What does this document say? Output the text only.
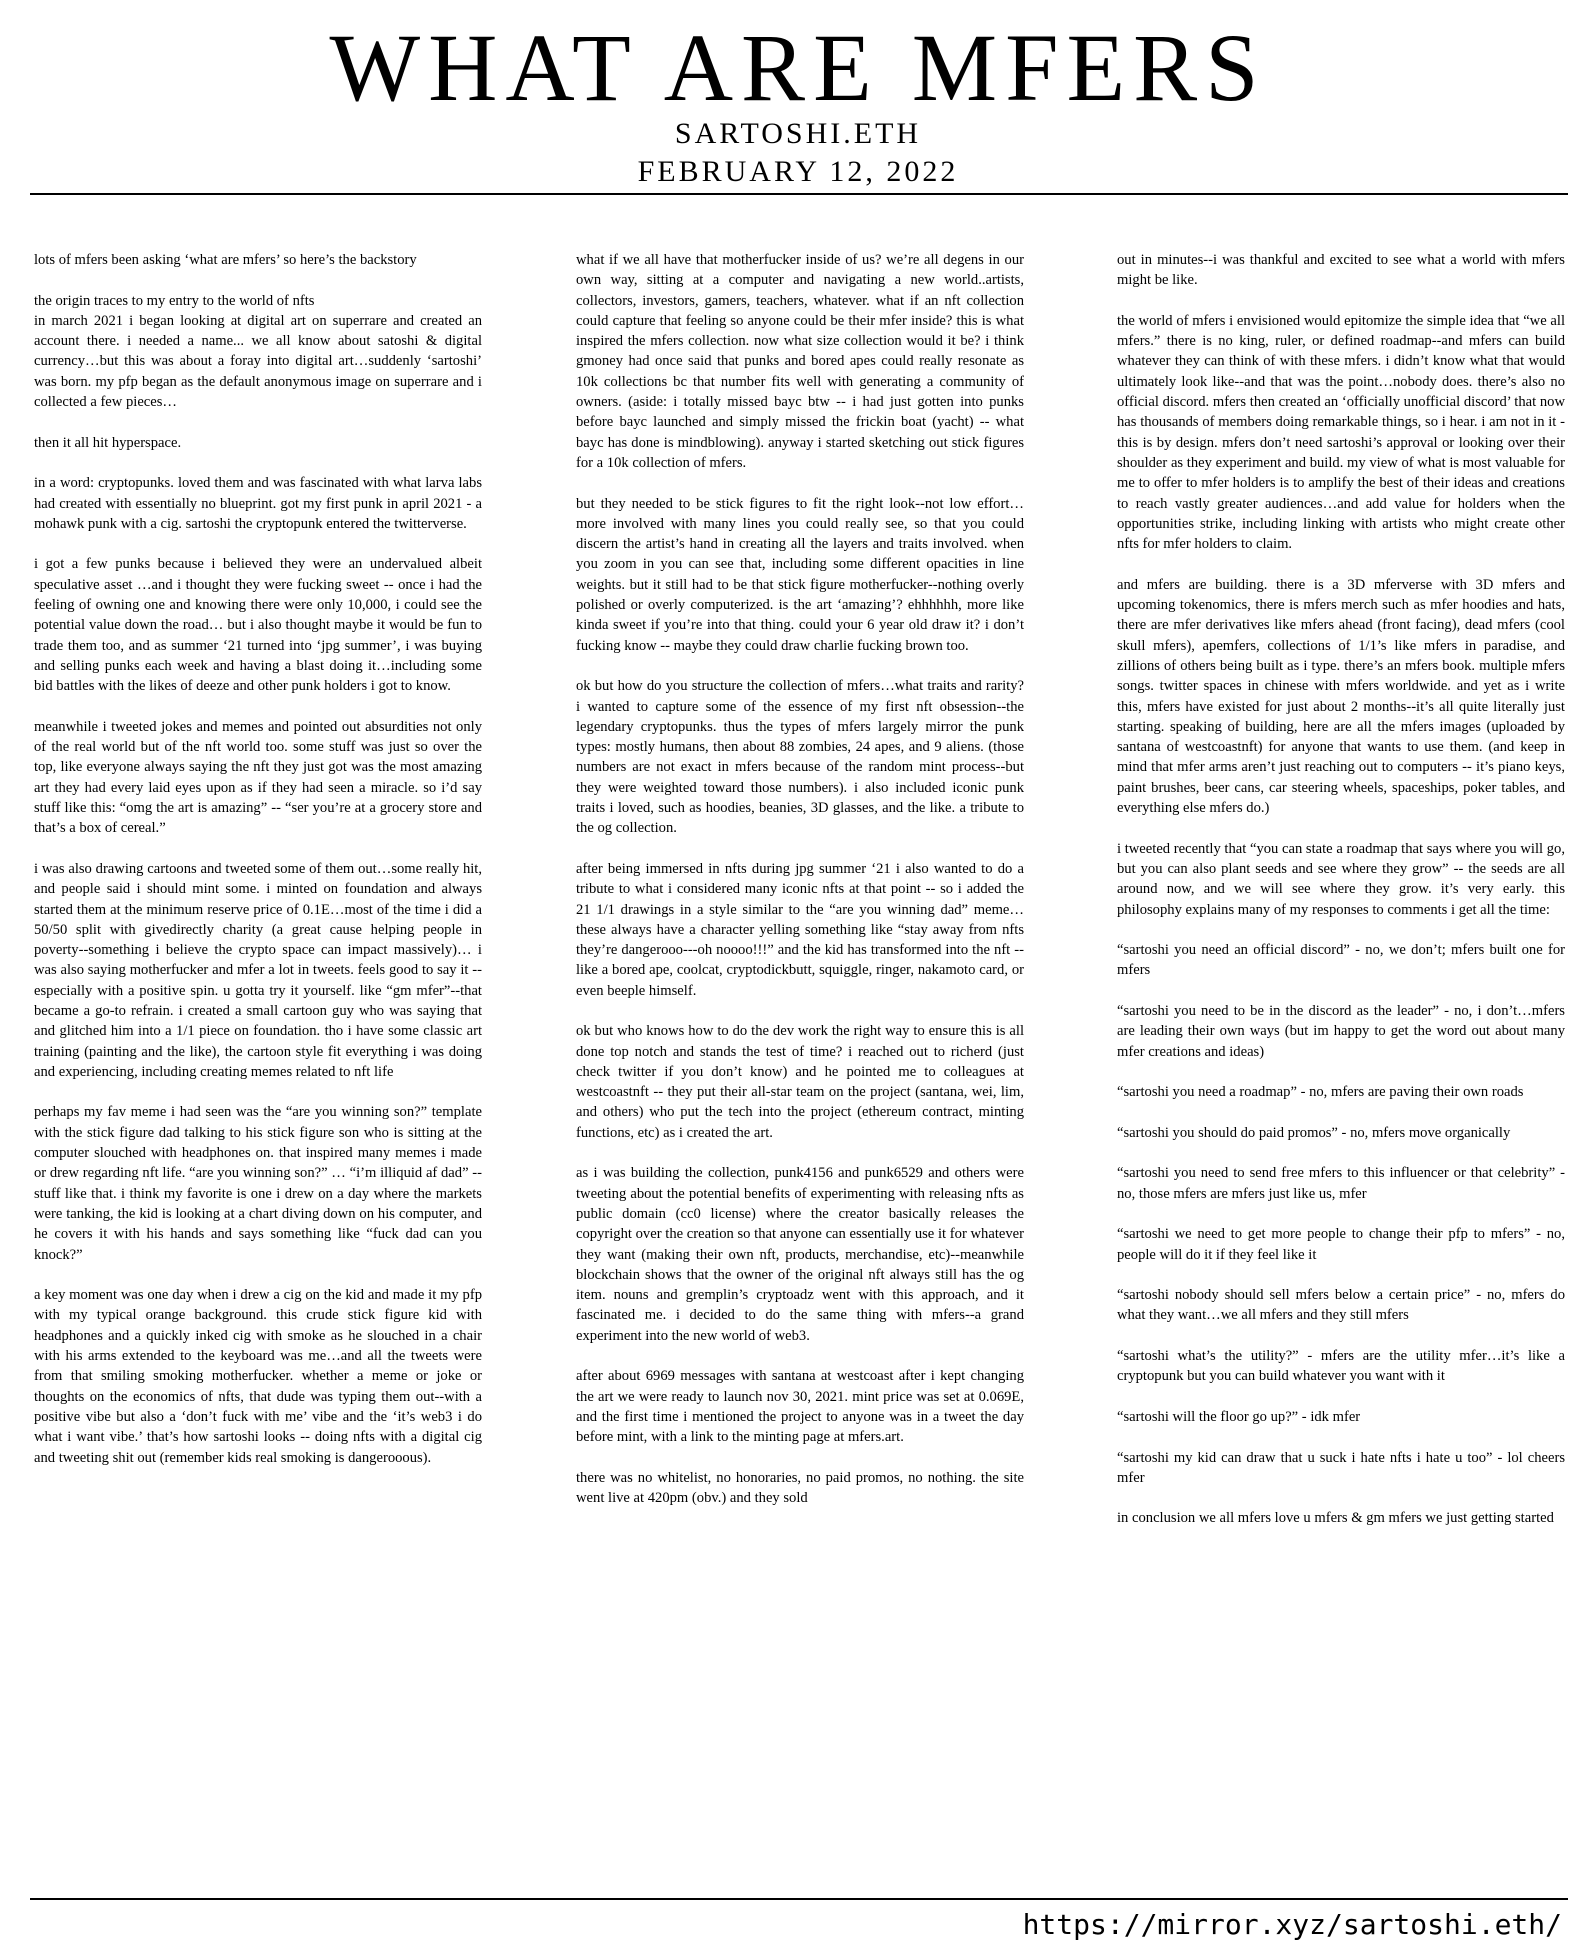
WHAT ARE MFERS
SARTOSHI.ETH
FEBRUARY 12, 2022

lots of mfers been asking ‘what are mfers’ so here’s the backstory

the origin traces to my entry to the world of nfts
in march 2021 i began looking at digital art on superrare and created an account there. i needed a name... we all know about satoshi & digital currency…but this was about a foray into digital art…suddenly ‘sartoshi’ was born. my pfp began as the default anonymous image on superrare and i collected a few pieces…

then it all hit hyperspace.

in a word: cryptopunks. loved them and was fascinated with what larva labs had created with essentially no blueprint. got my first punk in april 2021 - a mohawk punk with a cig. sartoshi the cryptopunk entered the twitterverse.

i got a few punks because i believed they were an undervalued albeit speculative asset …and i thought they were fucking sweet -- once i had the feeling of owning one and knowing there were only 10,000, i could see the potential value down the road… but i also thought maybe it would be fun to trade them too, and as summer ‘21 turned into ‘jpg summer’, i was buying and selling punks each week and having a blast doing it…including some bid battles with the likes of deeze and other punk holders i got to know.

meanwhile i tweeted jokes and memes and pointed out absurdities not only of the real world but of the nft world too. some stuff was just so over the top, like everyone always saying the nft they just got was the most amazing art they had every laid eyes upon as if they had seen a miracle. so i’d say stuff like this: “omg the art is amazing” -- “ser you’re at a grocery store and that’s a box of cereal.”

i was also drawing cartoons and tweeted some of them out…some really hit, and people said i should mint some. i minted on foundation and always started them at the minimum reserve price of 0.1E…most of the time i did a 50/50 split with givedirectly charity (a great cause helping people in poverty--something i believe the crypto space can impact massively)… i was also saying motherfucker and mfer a lot in tweets. feels good to say it -- especially with a positive spin. u gotta try it yourself. like “gm mfer”--that became a go-to refrain. i created a small cartoon guy who was saying that and glitched him into a 1/1 piece on foundation. tho i have some classic art training (painting and the like), the cartoon style fit everything i was doing and experiencing, including creating memes related to nft life

perhaps my fav meme i had seen was the “are you winning son?” template with the stick figure dad talking to his stick figure son who is sitting at the computer slouched with headphones on. that inspired many memes i made or drew regarding nft life. “are you winning son?” … “i’m illiquid af dad” -- stuff like that. i think my favorite is one i drew on a day where the markets were tanking, the kid is looking at a chart diving down on his computer, and he covers it with his hands and says something like “fuck dad can you knock?”

a key moment was one day when i drew a cig on the kid and made it my pfp with my typical orange background. this crude stick figure kid with headphones and a quickly inked cig with smoke as he slouched in a chair with his arms extended to the keyboard was me…and all the tweets were from that smiling smoking motherfucker. whether a meme or joke or thoughts on the economics of nfts, that dude was typing them out--with a positive vibe but also a ‘don’t fuck with me’ vibe and the ‘it’s web3 i do what i want vibe.’ that’s how sartoshi looks -- doing nfts with a digital cig and tweeting shit out (remember kids real smoking is dangerooous).

what if we all have that motherfucker inside of us? we’re all degens in our own way, sitting at a computer and navigating a new world..artists, collectors, investors, gamers, teachers, whatever. what if an nft collection could capture that feeling so anyone could be their mfer inside? this is what inspired the mfers collection. now what size collection would it be? i think gmoney had once said that punks and bored apes could really resonate as 10k collections bc that number fits well with generating a community of owners. (aside: i totally missed bayc btw -- i had just gotten into punks before bayc launched and simply missed the frickin boat (yacht) -- what bayc has done is mindblowing). anyway i started sketching out stick figures for a 10k collection of mfers.

but they needed to be stick figures to fit the right look--not low effort…more involved with many lines you could really see, so that you could discern the artist’s hand in creating all the layers and traits involved. when you zoom in you can see that, including some different opacities in line weights. but it still had to be that stick figure motherfucker--nothing overly polished or overly computerized. is the art ‘amazing’? ehhhhhh, more like kinda sweet if you’re into that thing. could your 6 year old draw it? i don’t fucking know -- maybe they could draw charlie fucking brown too.

ok but how do you structure the collection of mfers…what traits and rarity? i wanted to capture some of the essence of my first nft obsession--the legendary cryptopunks. thus the types of mfers largely mirror the punk types: mostly humans, then about 88 zombies, 24 apes, and 9 aliens. (those numbers are not exact in mfers because of the random mint process--but they were weighted toward those numbers). i also included iconic punk traits i loved, such as hoodies, beanies, 3D glasses, and the like. a tribute to the og collection.

after being immersed in nfts during jpg summer ‘21 i also wanted to do a tribute to what i considered many iconic nfts at that point -- so i added the 21 1/1 drawings in a style similar to the “are you winning dad” meme… these always have a character yelling something like “stay away from nfts they’re dangerooo---oh noooo!!!” and the kid has transformed into the nft -- like a bored ape, coolcat, cryptodickbutt, squiggle, ringer, nakamoto card, or even beeple himself.

ok but who knows how to do the dev work the right way to ensure this is all done top notch and stands the test of time? i reached out to richerd (just check twitter if you don’t know) and he pointed me to colleagues at westcoastnft -- they put their all-star team on the project (santana, wei, lim, and others) who put the tech into the project (ethereum contract, minting functions, etc) as i created the art.

as i was building the collection, punk4156 and punk6529 and others were tweeting about the potential benefits of experimenting with releasing nfts as public domain (cc0 license) where the creator basically releases the copyright over the creation so that anyone can essentially use it for whatever they want (making their own nft, products, merchandise, etc)--meanwhile blockchain shows that the owner of the original nft always still has the og item. nouns and gremplin’s cryptoadz went with this approach, and it fascinated me. i decided to do the same thing with mfers--a grand experiment into the new world of web3.

after about 6969 messages with santana at westcoast after i kept changing the art we were ready to launch nov 30, 2021. mint price was set at 0.069E, and the first time i mentioned the project to anyone was in a tweet the day before mint, with a link to the minting page at mfers.art.

there was no whitelist, no honoraries, no paid promos, no nothing. the site went live at 420pm (obv.) and they sold

out in minutes--i was thankful and excited to see what a world with mfers might be like.

the world of mfers i envisioned would epitomize the simple idea that “we all mfers.” there is no king, ruler, or defined roadmap--and mfers can build whatever they can think of with these mfers. i didn’t know what that would ultimately look like--and that was the point…nobody does. there’s also no official discord. mfers then created an ‘officially unofficial discord’ that now has thousands of members doing remarkable things, so i hear. i am not in it - this is by design. mfers don’t need sartoshi’s approval or looking over their shoulder as they experiment and build. my view of what is most valuable for me to offer to mfer holders is to amplify the best of their ideas and creations to reach vastly greater audiences…and add value for holders when the opportunities strike, including linking with artists who might create other nfts for mfer holders to claim.

and mfers are building. there is a 3D mferverse with 3D mfers and upcoming tokenomics, there is mfers merch such as mfer hoodies and hats, there are mfer derivatives like mfers ahead (front facing), dead mfers (cool skull mfers), apemfers, collections of 1/1’s like mfers in paradise, and zillions of others being built as i type. there’s an mfers book. multiple mfers songs. twitter spaces in chinese with mfers worldwide. and yet as i write this, mfers have existed for just about 2 months--it’s all quite literally just starting. speaking of building, here are all the mfers images (uploaded by santana of westcoastnft) for anyone that wants to use them. (and keep in mind that mfer arms aren’t just reaching out to computers -- it’s piano keys, paint brushes, beer cans, car steering wheels, spaceships, poker tables, and everything else mfers do.)

i tweeted recently that “you can state a roadmap that says where you will go, but you can also plant seeds and see where they grow” -- the seeds are all around now, and we will see where they grow. it’s very early. this philosophy explains many of my responses to comments i get all the time:

“sartoshi you need an official discord” - no, we don’t; mfers built one for mfers

“sartoshi you need to be in the discord as the leader” - no, i don’t…mfers are leading their own ways (but im happy to get the word out about many mfer creations and ideas)

“sartoshi you need a roadmap” - no, mfers are paving their own roads

“sartoshi you should do paid promos” - no, mfers move organically

“sartoshi you need to send free mfers to this influencer or that celebrity” - no, those mfers are mfers just like us, mfer

“sartoshi we need to get more people to change their pfp to mfers” - no, people will do it if they feel like it

“sartoshi nobody should sell mfers below a certain price” - no, mfers do what they want…we all mfers and they still mfers

“sartoshi what’s the utility?” - mfers are the utility mfer…it’s like a cryptopunk but you can build whatever you want with it

“sartoshi will the floor go up?” - idk mfer

“sartoshi my kid can draw that u suck i hate nfts i hate u too” - lol cheers mfer

in conclusion we all mfers love u mfers & gm mfers we just getting started

https://mirror.xyz/sartoshi.eth/
